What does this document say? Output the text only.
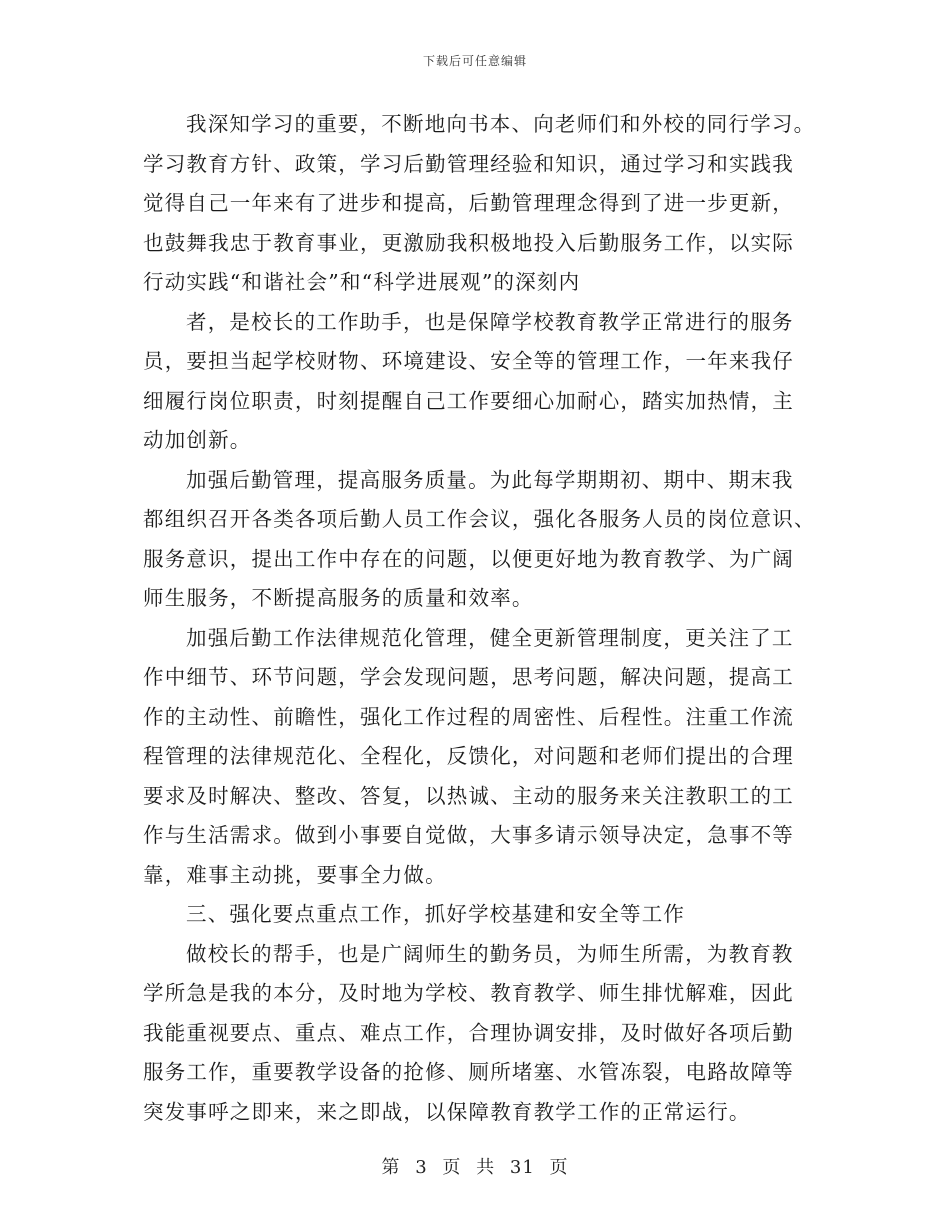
下载后可任意编辑
我深知学习的重要，不断地向书本、向老师们和外校的同行学习。
学习教育方针、政策，学习后勤管理经验和知识，通过学习和实践我
觉得自己一年来有了进步和提高，后勤管理理念得到了进一步更新，
也鼓舞我忠于教育事业，更激励我积极地投入后勤服务工作，以实际
行动实践“和谐社会”和“科学进展观”的深刻内
者，是校长的工作助手，也是保障学校教育教学正常进行的服务
员，要担当起学校财物、环境建设、安全等的管理工作，一年来我仔
细履行岗位职责，时刻提醒自己工作要细心加耐心，踏实加热情，主
动加创新。
加强后勤管理，提高服务质量。为此每学期期初、期中、期末我
都组织召开各类各项后勤人员工作会议，强化各服务人员的岗位意识、
服务意识，提出工作中存在的问题，以便更好地为教育教学、为广阔
师生服务，不断提高服务的质量和效率。
加强后勤工作法律规范化管理，健全更新管理制度，更关注了工
作中细节、环节问题，学会发现问题，思考问题，解决问题，提高工
作的主动性、前瞻性，强化工作过程的周密性、后程性。注重工作流
程管理的法律规范化、全程化，反馈化，对问题和老师们提出的合理
要求及时解决、整改、答复，以热诚、主动的服务来关注教职工的工
作与生活需求。做到小事要自觉做，大事多请示领导决定，急事不等
靠，难事主动挑，要事全力做。
三、强化要点重点工作，抓好学校基建和安全等工作
做校长的帮手，也是广阔师生的勤务员，为师生所需，为教育教
学所急是我的本分，及时地为学校、教育教学、师生排忧解难，因此
我能重视要点、重点、难点工作，合理协调安排，及时做好各项后勤
服务工作，重要教学设备的抢修、厕所堵塞、水管冻裂，电路故障等
突发事呼之即来，来之即战，以保障教育教学工作的正常运行。
第 3 页 共 31 页
